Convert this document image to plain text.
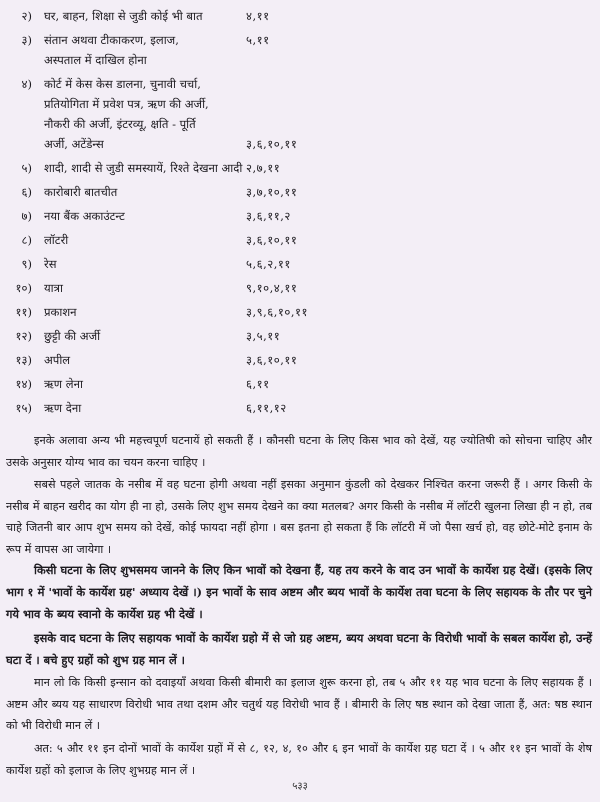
२) घर, बाहन, शिक्षा से जुडी कोई भी बात	४,११
३) संतान अथवा टीकाकरण, इलाज,	५,११
अस्पताल में दाखिल होना
४) कोर्ट में केस केस डालना, चुनावी चर्चा,
प्रतियोगिता में प्रवेश पत्र, ऋण की अर्जी,
नौकरी की अर्जी, इंटरव्यू, क्षति - पूर्ति
अर्जी, अटेंडेन्स	३,६,१०,११
५) शादी, शादी से जुडी समस्यायें, रिश्ते देखना आदी २,७,११
६) कारोबारी बातचीत	३,७,१०,११
७) नया बैंक अकाउंटन्ट	३,६,११,२
८) लॉटरी	३,६,१०,११
९) रेस	५,६,२,११
१०) यात्रा	९,१०,४,११
११) प्रकाशन	३,९,६,१०,११
१२) छुट्टी की अर्जी	३,५,११
१३) अपील	३,६,१०,११
१४) ऋण लेना	६,११
१५) ऋण देना	६,११,१२
इनके अलावा अन्य भी महत्त्वपूर्ण घटनायें हो सकती हैं । कौनसी घटना के लिए किस भाव को देखें, यह ज्योतिषी को सोचना चाहिए और उसके अनुसार योग्य भाव का चयन करना चाहिए ।
सबसे पहले जातक के नसीब में वह घटना होगी अथवा नहीं इसका अनुमान कुंडली को देखकर निश्चित करना जरूरी हैं । अगर किसी के नसीब में बाहन खरीद का योग ही ना हो, उसके लिए शुभ समय देखने का क्या मतलब? अगर किसी के नसीब में लॉटरी खुलना लिखा ही न हो, तब चाहे जितनी बार आप शुभ समय को देखें, कोई फायदा नहीं होगा । बस इतना हो सकता हैं कि लॉटरी में जो पैसा खर्च हो, वह छोटे-मोटे इनाम के रूप में वापस आ जायेगा ।
किसी घटना के लिए शुभसमय जानने के लिए किन भावों को देखना हैं, यह तय करने के वाद उन भावों के कार्येश ग्रह देखें। (इसके लिए भाग १ में 'भावों के कार्येश ग्रह' अध्याय देखें ।) इन भावों के साव अष्टम और ब्यय भावों के कार्येश तवा घटना के लिए सहायक के तौर पर चुने गये भाव के ब्यय स्वानो के कार्येश ग्रह भी देखें ।
इसके वाद घटना के लिए सहायक भावों के कार्येश ग्रहो में से जो ग्रह अष्टम, ब्यय अथवा घटना के विरोधी भावों के सबल कार्येश हो, उन्हें घटा दें । बचे हुए ग्रहों को शुभ ग्रह मान लें ।
मान लो कि किसी इन्सान को दवाइयाँ अथवा किसी बीमारी का इलाज शुरू करना हो, तब ५ और ११ यह भाव घटना के लिए सहायक हैं । अष्टम और ब्यय यह साधारण विरोधी भाव तथा दशम और चतुर्थ यह विरोधी भाव हैं । बीमारी के लिए षष्ठ स्थान को देखा जाता हैं, अत: षष्ठ स्थान को भी विरोधी मान लें ।
अत: ५ और ११ इन दोनों भावों के कार्येश ग्रहों में से ८, १२, ४, १० और ६ इन भावों के कार्येश ग्रह घटा दें । ५ और ११ इन भावों के शेष कार्येश ग्रहों को इलाज के लिए शुभग्रह मान लें ।
५३३
